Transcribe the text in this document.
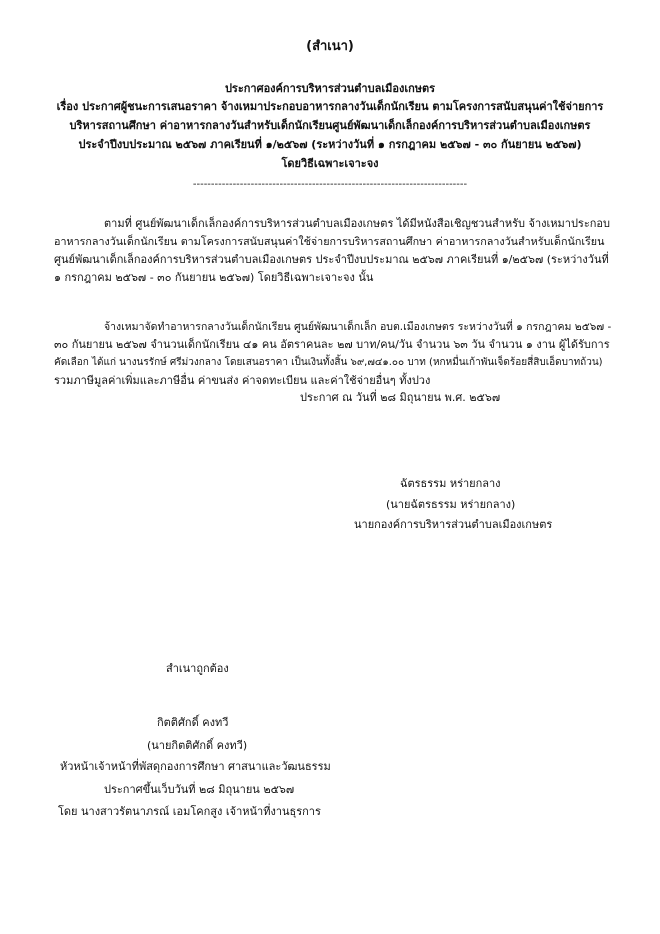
(สำเนา)
ประกาศองค์การบริหารส่วนตำบลเมืองเกษตร
เรื่อง ประกาศผู้ชนะการเสนอราคา จ้างเหมาประกอบอาหารกลางวันเด็กนักเรียน ตามโครงการสนับสนุนค่าใช้จ่ายการ
บริหารสถานศึกษา ค่าอาหารกลางวันสำหรับเด็กนักเรียนศูนย์พัฒนาเด็กเล็กองค์การบริหารส่วนตำบลเมืองเกษตร
ประจำปีงบประมาณ ๒๕๖๗ ภาคเรียนที่ ๑/๒๕๖๗ (ระหว่างวันที่ ๑ กรกฎาคม ๒๕๖๗ - ๓๐ กันยายน ๒๕๖๗)
โดยวิธีเฉพาะเจาะจง
----------------------------------------------------------------------------
ตามที่ ศูนย์พัฒนาเด็กเล็กองค์การบริหารส่วนตำบลเมืองเกษตร ได้มีหนังสือเชิญชวนสำหรับ จ้างเหมาประกอบ
อาหารกลางวันเด็กนักเรียน ตามโครงการสนับสนุนค่าใช้จ่ายการบริหารสถานศึกษา ค่าอาหารกลางวันสำหรับเด็กนักเรียน
ศูนย์พัฒนาเด็กเล็กองค์การบริหารส่วนตำบลเมืองเกษตร ประจำปีงบประมาณ ๒๕๖๗ ภาคเรียนที่ ๑/๒๕๖๗ (ระหว่างวันที่
๑ กรกฎาคม ๒๕๖๗ - ๓๐ กันยายน ๒๕๖๗) โดยวิธีเฉพาะเจาะจง นั้น
จ้างเหมาจัดทำอาหารกลางวันเด็กนักเรียน ศูนย์พัฒนาเด็กเล็ก อบต.เมืองเกษตร ระหว่างวันที่ ๑ กรกฎาคม ๒๕๖๗ -
๓๐ กันยายน ๒๕๖๗ จำนวนเด็กนักเรียน ๔๑ คน อัตราคนละ ๒๗ บาท/คน/วัน จำนวน ๖๓ วัน จำนวน ๑ งาน ผู้ได้รับการ
คัดเลือก ได้แก่ นางนรรักษ์ ศรีม่วงกลาง โดยเสนอราคา เป็นเงินทั้งสิ้น ๖๙,๗๔๑.๐๐ บาท (หกหมื่นเก้าพันเจ็ดร้อยสี่สิบเอ็ดบาทถ้วน)
รวมภาษีมูลค่าเพิ่มและภาษีอื่น ค่าขนส่ง ค่าจดทะเบียน และค่าใช้จ่ายอื่นๆ ทั้งปวง
ประกาศ ณ วันที่ ๒๘ มิถุนายน พ.ศ. ๒๕๖๗
ฉัตรธรรม หร่ายกลาง
(นายฉัตรธรรม หร่ายกลาง)
นายกองค์การบริหารส่วนตำบลเมืองเกษตร
สำเนาถูกต้อง
กิตติศักดิ์ คงทวี
(นายกิตติศักดิ์ คงทวี)
หัวหน้าเจ้าหน้าที่พัสดุกองการศึกษา ศาสนาและวัฒนธรรม
ประกาศขึ้นเว็บวันที่ ๒๘ มิถุนายน ๒๕๖๗
โดย นางสาวรัตนาภรณ์ เอมโคกสูง เจ้าหน้าที่งานธุรการ
